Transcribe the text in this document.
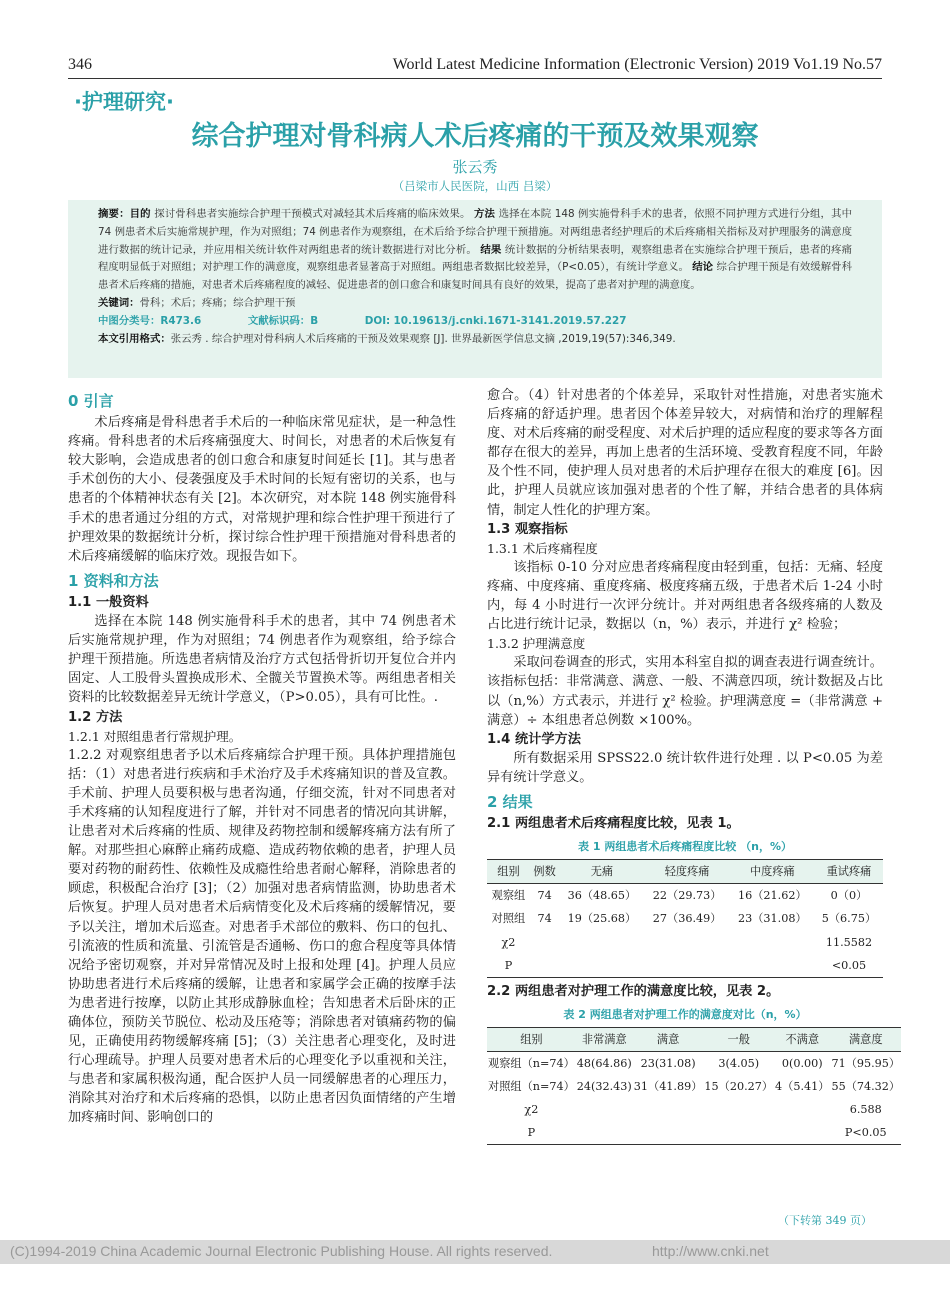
346	World Latest Medicine Information (Electronic Version) 2019 Vo1.19 No.57
·护理研究·
综合护理对骨科病人术后疼痛的干预及效果观察
张云秀
（吕梁市人民医院，山西 吕梁）
摘要：目的 探讨骨科患者实施综合护理干预模式对减轻其术后疼痛的临床效果。 方法 选择在本院 148 例实施骨科手术的患者，依照不同护理方式进行分组，其中 74 例患者术后实施常规护理，作为对照组；74 例患者作为观察组，在术后给予综合护理干预措施。对两组患者经护理后的术后疼痛相关指标及对护理服务的满意度进行数据的统计记录，并应用相关统计软件对两组患者的统计数据进行对比分析。 结果 统计数据的分析结果表明，观察组患者在实施综合护理干预后，患者的疼痛程度明显低于对照组；对护理工作的满意度，观察组患者显著高于对照组。两组患者数据比较差异，（P<0.05），有统计学意义。 结论 综合护理干预是有效缓解骨科患者术后疼痛的措施，对患者术后疼痛程度的减轻、促进患者的创口愈合和康复时间具有良好的效果，提高了患者对护理的满意度。
关键词：骨科；术后；疼痛；综合护理干预
中图分类号：R473.6	文献标识码：B	DOI: 10.19613/j.cnki.1671-3141.2019.57.227
本文引用格式：张云秀 . 综合护理对骨科病人术后疼痛的干预及效果观察 [J]. 世界最新医学信息文摘 ,2019,19(57):346,349.
0 引言

术后疼痛是骨科患者手术后的一种临床常见症状，是一种急性疼痛。骨科患者的术后疼痛强度大、时间长，对患者的术后恢复有较大影响，会造成患者的创口愈合和康复时间延长 [1]。其与患者手术创伤的大小、侵袭强度及手术时间的长短有密切的关系，也与患者的个体精神状态有关 [2]。本次研究，对本院 148 例实施骨科手术的患者通过分组的方式，对常规护理和综合性护理干预进行了护理效果的数据统计分析，探讨综合性护理干预措施对骨科患者的术后疼痛缓解的临床疗效。现报告如下。

1 资料和方法
1.1 一般资料

选择在本院 148 例实施骨科手术的患者，其中 74 例患者术后实施常规护理，作为对照组；74 例患者作为观察组，给予综合护理干预措施。所选患者病情及治疗方式包括骨折切开复位合并内固定、人工股骨头置换成形术、全髋关节置换术等。两组患者相关资料的比较数据差异无统计学意义，（P>0.05），具有可比性。.

1.2 方法
1.2.1 对照组患者行常规护理。
1.2.2 对观察组患者予以术后疼痛综合护理干预。具体护理措施包括：（1）对患者进行疾病和手术治疗及手术疼痛知识的普及宣教。手术前、护理人员要积极与患者沟通，仔细交流，针对不同患者对手术疼痛的认知程度进行了解，并针对不同患者的情况向其讲解，让患者对术后疼痛的性质、规律及药物控制和缓解疼痛方法有所了解。对那些担心麻醉止痛药成瘾、造成药物依赖的患者，护理人员要对药物的耐药性、依赖性及成瘾性给患者耐心解释，消除患者的顾虑，积极配合治疗 [3]；（2）加强对患者病情监测，协助患者术后恢复。护理人员对患者术后病情变化及术后疼痛的缓解情况，要予以关注，增加术后巡查。对患者手术部位的敷料、伤口的包扎、引流液的性质和流量、引流管是否通畅、伤口的愈合程度等具体情况给予密切观察，并对异常情况及时上报和处理 [4]。护理人员应协助患者进行术后疼痛的缓解，让患者和家属学会正确的按摩手法为患者进行按摩，以防止其形成静脉血栓；告知患者术后卧床的正确体位，预防关节脱位、松动及压疮等；消除患者对镇痛药物的偏见，正确使用药物缓解疼痛 [5]；（3）关注患者心理变化，及时进行心理疏导。护理人员要对患者术后的心理变化予以重视和关注，与患者和家属积极沟通，配合医护人员一同缓解患者的心理压力，消除其对治疗和术后疼痛的恐惧，以防止患者因负面情绪的产生增加疼痛时间、影响创口的
愈合。（4）针对患者的个体差异，采取针对性措施，对患者实施术后疼痛的舒适护理。患者因个体差异较大，对病情和治疗的理解程度、对术后疼痛的耐受程度、对术后护理的适应程度的要求等各方面都存在很大的差异，再加上患者的生活环境、受教育程度不同，年龄及个性不同，使护理人员对患者的术后护理存在很大的难度 [6]。因此，护理人员就应该加强对患者的个性了解，并结合患者的具体病情，制定人性化的护理方案。
1.3 观察指标
1.3.1 术后疼痛程度

该指标 0-10 分对应患者疼痛程度由轻到重，包括：无痛、轻度疼痛、中度疼痛、重度疼痛、极度疼痛五级，于患者术后 1-24 小时内，每 4 小时进行一次评分统计。并对两组患者各级疼痛的人数及占比进行统计记录，数据以（n，%）表示，并进行 χ² 检验；

1.3.2 护理满意度

采取问卷调查的形式，实用本科室自拟的调查表进行调查统计。该指标包括：非常满意、满意、一般、不满意四项，统计数据及占比以（n,%）方式表示，并进行 χ² 检验。护理满意度 =（非常满意 + 满意）÷ 本组患者总例数 ×100%。

1.4 统计学方法

所有数据采用 SPSS22.0 统计软件进行处理 . 以 P<0.05 为差异有统计学意义。

2 结果
2.1 两组患者术后疼痛程度比较，见表 1。
表 1 两组患者术后疼痛程度比较 （n，%）
组别	例数	无痛	轻度疼痛	中度疼痛	重试疼痛
观察组	74	36（48.65）	22（29.73）	16（21.62）	0（0）
对照组	74	19（25.68）	27（36.49）	23（31.08）	5（6.75）
χ2					11.5582
P					<0.05
2.2 两组患者对护理工作的满意度比较，见表 2。
表 2 两组患者对护理工作的满意度对比（n，%）
组别	非常满意	满意	一般	不满意	满意度
观察组（n=74）	48(64.86)	23(31.08)	3(4.05)	0(0.00)	71（95.95）
对照组（n=74）	24(32.43)	31（41.89）	15（20.27）	4（5.41）	55（74.32）
χ2					6.588
P					P<0.05
（下转第 349 页）
(C)1994-2019 China Academic Journal Electronic Publishing House. All rights reserved.	http://www.cnki.net
